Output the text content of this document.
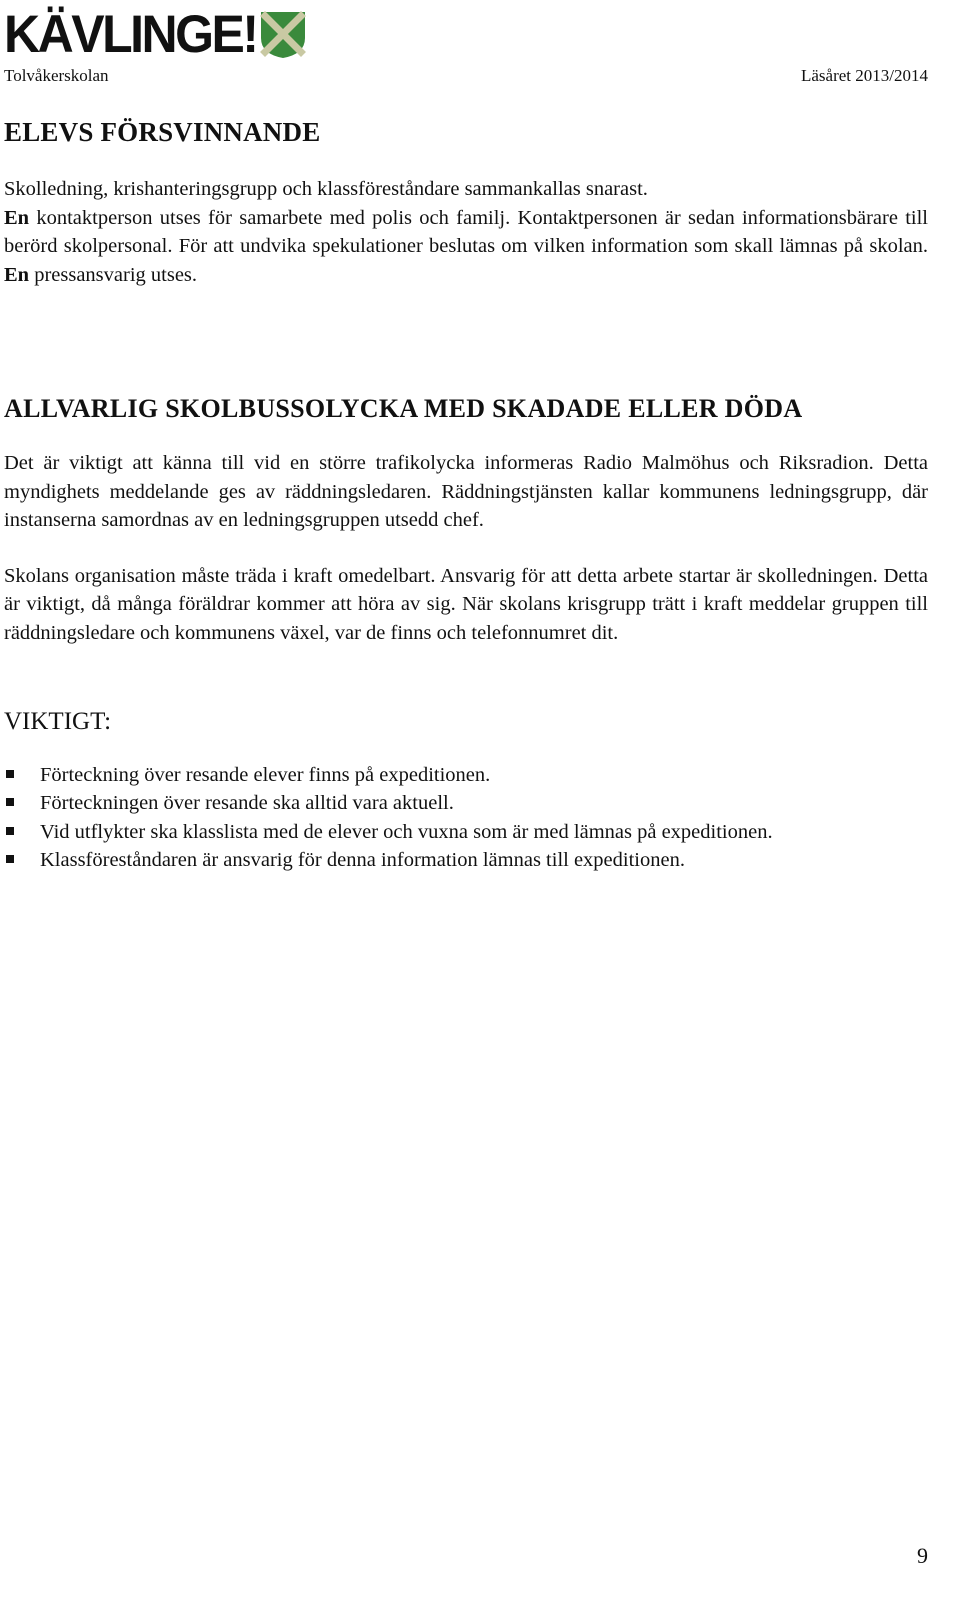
KÄVLINGE!
Tolvåkerskolan	Läsåret 2013/2014
ELEVS FÖRSVINNANDE

Skolledning, krishanteringsgrupp och klassföreståndare sammankallas snarast.

En kontaktperson utses för samarbete med polis och familj. Kontaktpersonen är sedan informationsbärare till berörd skolpersonal. För att undvika spekulationer beslutas om vilken information som skall lämnas på skolan. En pressansvarig utses.

ALLVARLIG SKOLBUSSOLYCKA MED SKADADE ELLER DÖDA

Det är viktigt att känna till vid en större trafikolycka informeras Radio Malmöhus och Riksradion. Detta myndighets meddelande ges av räddningsledaren. Räddningstjänsten kallar kommunens ledningsgrupp, där instanserna samordnas av en ledningsgruppen utsedd chef.

Skolans organisation måste träda i kraft omedelbart. Ansvarig för att detta arbete startar är skolledningen. Detta är viktigt, då många föräldrar kommer att höra av sig. När skolans krisgrupp trätt i kraft meddelar gruppen till räddningsledare och kommunens växel, var de finns och telefonnumret dit.

VIKTIGT:
Förteckning över resande elever finns på expeditionen.
Förteckningen över resande ska alltid vara aktuell.
Vid utflykter ska klasslista med de elever och vuxna som är med lämnas på expeditionen.
Klassföreståndaren är ansvarig för denna information lämnas till expeditionen.
9
